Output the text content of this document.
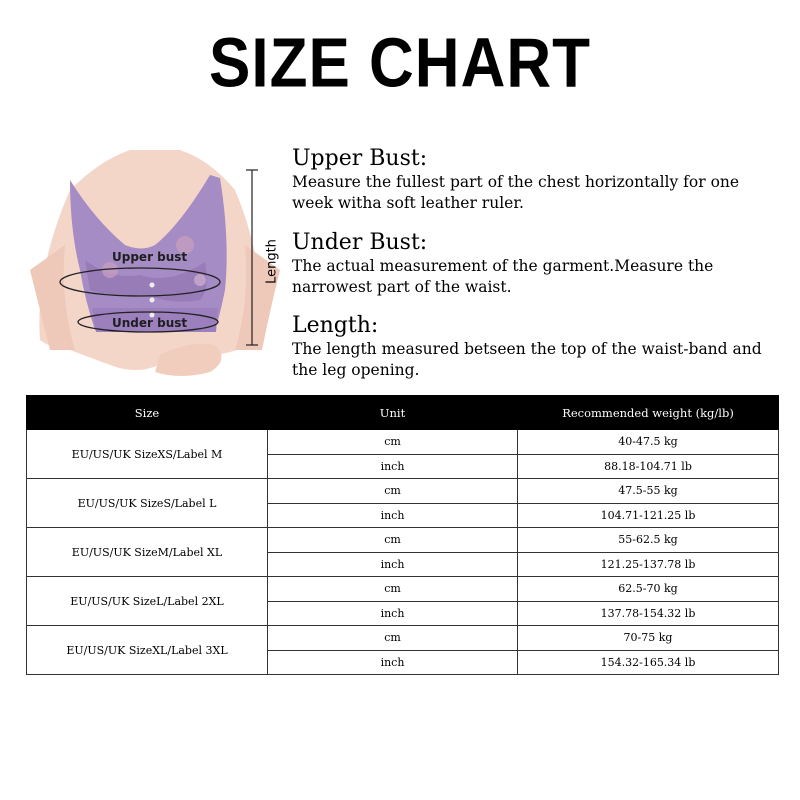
SIZE CHART
Upper bust
Under bust
Length
Upper Bust:

Measure the fullest part of the chest horizontally for one week witha soft leather ruler.

Under Bust:

The actual measurement of the garment.Measure the narrowest part of the waist.

Length:

The length measured betseen the top of the waist-band and the leg opening.

Size	Unit	Recommended weight (kg/lb)
EU/US/UK SizeXS/Label M	cm	40-47.5 kg
	inch	88.18-104.71 lb
EU/US/UK SizeS/Label L	cm	47.5-55 kg
	inch	104.71-121.25 lb
EU/US/UK SizeM/Label XL	cm	55-62.5 kg
	inch	121.25-137.78 lb
EU/US/UK SizeL/Label 2XL	cm	62.5-70 kg
	inch	137.78-154.32 lb
EU/US/UK SizeXL/Label 3XL	cm	70-75 kg
	inch	154.32-165.34 lb
